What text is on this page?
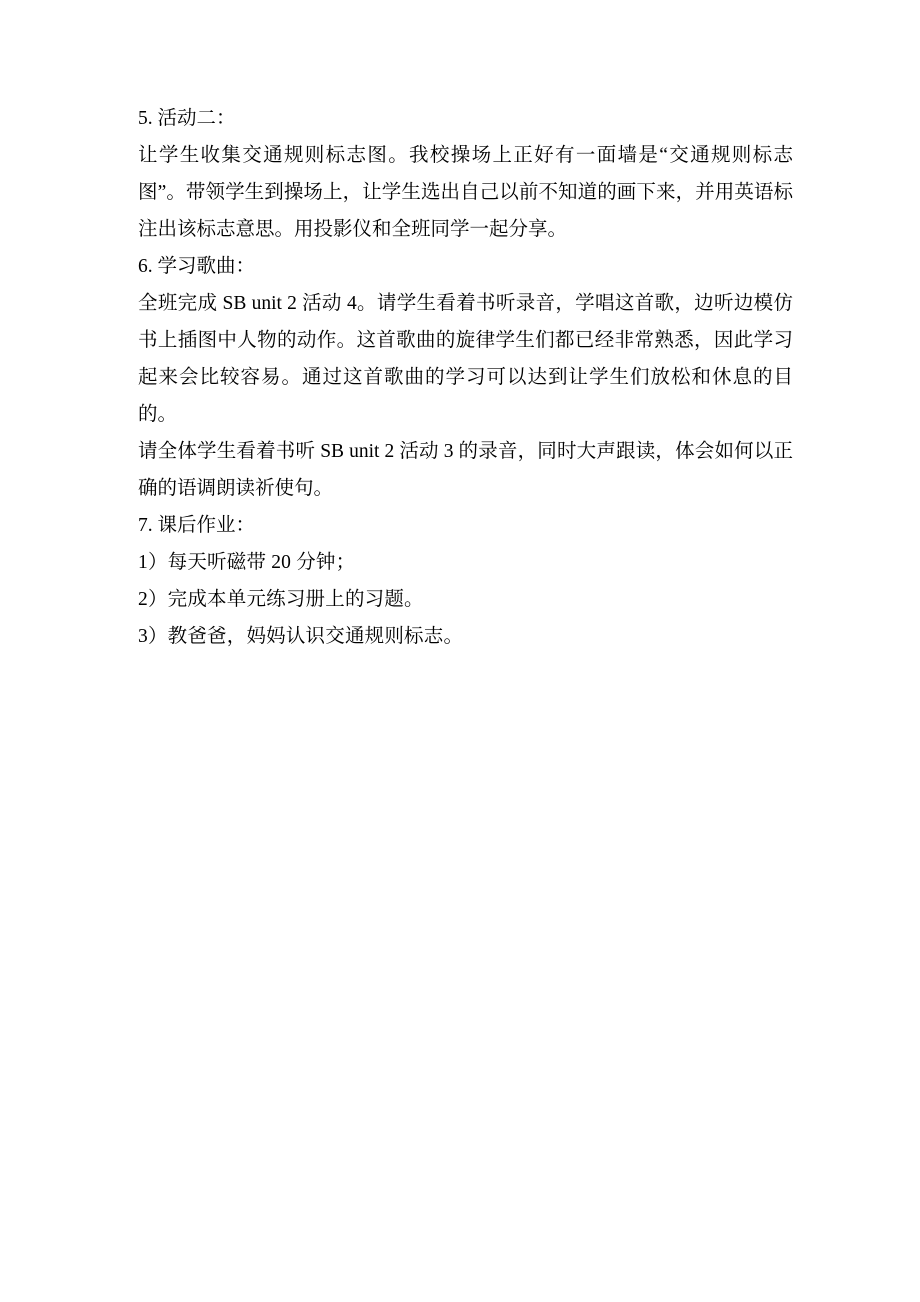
5. 活动二：
让学生收集交通规则标志图。我校操场上正好有一面墙是“交通规则标志图”。带领学生到操场上，让学生选出自己以前不知道的画下来，并用英语标注出该标志意思。用投影仪和全班同学一起分享。
6. 学习歌曲：
全班完成 SB unit 2 活动 4。请学生看着书听录音，学唱这首歌，边听边模仿书上插图中人物的动作。这首歌曲的旋律学生们都已经非常熟悉，因此学习起来会比较容易。通过这首歌曲的学习可以达到让学生们放松和休息的目的。
请全体学生看着书听 SB unit 2 活动 3 的录音，同时大声跟读，体会如何以正确的语调朗读祈使句。
7. 课后作业：
1）每天听磁带 20 分钟；
2）完成本单元练习册上的习题。
3）教爸爸，妈妈认识交通规则标志。
